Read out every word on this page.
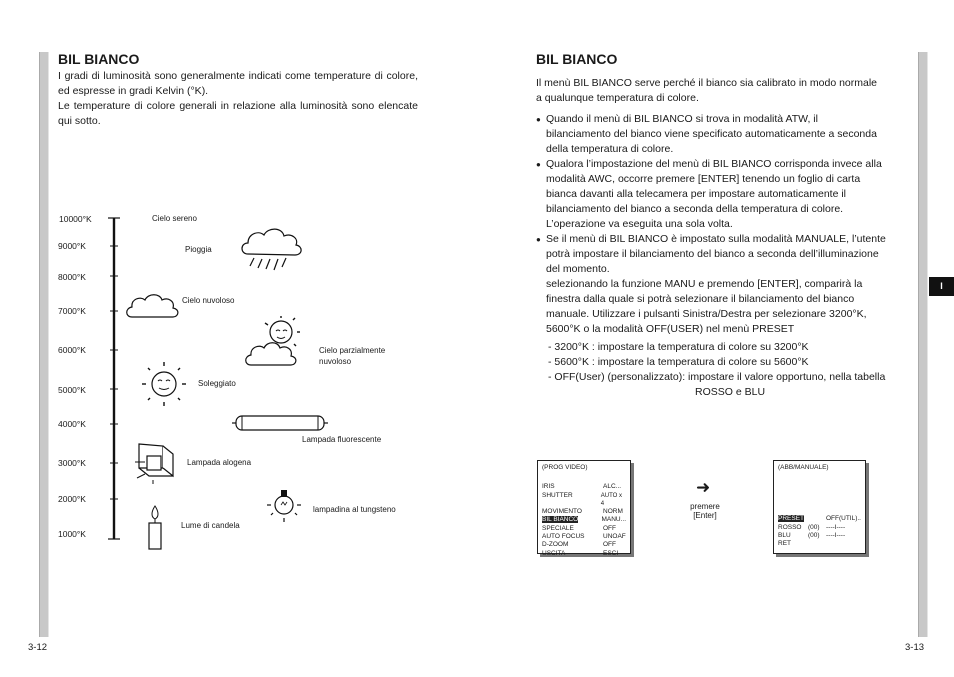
BIL BIANCO
I gradi di luminosità sono generalmente indicati come temperature di colore, ed espresse in gradi Kelvin (°K).
Le temperature di colore generali in relazione alla luminosità sono elencate qui sotto.
10000°K
9000°K
8000°K
7000°K
6000°K
5000°K
4000°K
3000°K
2000°K
1000°K
Cielo sereno
Pioggia
Cielo nuvoloso
Cielo parzialmente
nuvoloso
Soleggiato
Lampada fluorescente
Lampada alogena
lampadina al tungsteno
Lume di candela
3-12
BIL BIANCO
Il menù BIL BIANCO serve perché il bianco sia calibrato in modo normale
a qualunque temperatura di colore.
● Quando il menù di BIL BIANCO si trova in modalità ATW, il
bilanciamento del bianco viene specificato automaticamente a seconda
della temperatura di colore.
● Qualora l’impostazione del menù di BIL BIANCO corrisponda invece alla
modalità AWC, occorre premere [ENTER] tenendo un foglio di carta
bianca davanti alla telecamera per impostare automaticamente il
bilanciamento del bianco a seconda della temperatura di colore.
L’operazione va eseguita una sola volta.
● Se il menù di BIL BIANCO è impostato sulla modalità MANUALE, l’utente
potrà impostare il bilanciamento del bianco a seconda dell’illuminazione
del momento.
selezionando la funzione MANU e premendo [ENTER], comparirà la
finestra dalla quale si potrà selezionare il bilanciamento del bianco
manuale. Utilizzare i pulsanti Sinistra/Destra per selezionare 3200°K,
5600°K o la modalità OFF(USER) nel menù PRESET
- 3200°K : impostare la temperatura di colore su 3200°K
- 5600°K : impostare la temperatura di colore su 5600°K
- OFF(User) (personalizzato): impostare il valore opportuno, nella tabella
ROSSO e BLU
I
(PROG VIDEO)
IRIS	ALC...
SHUTTER	AUTO x 4
MOVIMENTO	NORM
BIL BIANCO	MANU...
SPECIALE	OFF
AUTO FOCUS	UNOAF
D-ZOOM	OFF
USCITA	ESCI
➜
premere
[Enter]
(ABB/MANUALE)
PRESET	OFF(UTIL)..
ROSSO	(00) ----I----
BLU	(00) ----I----
RET
3-13
